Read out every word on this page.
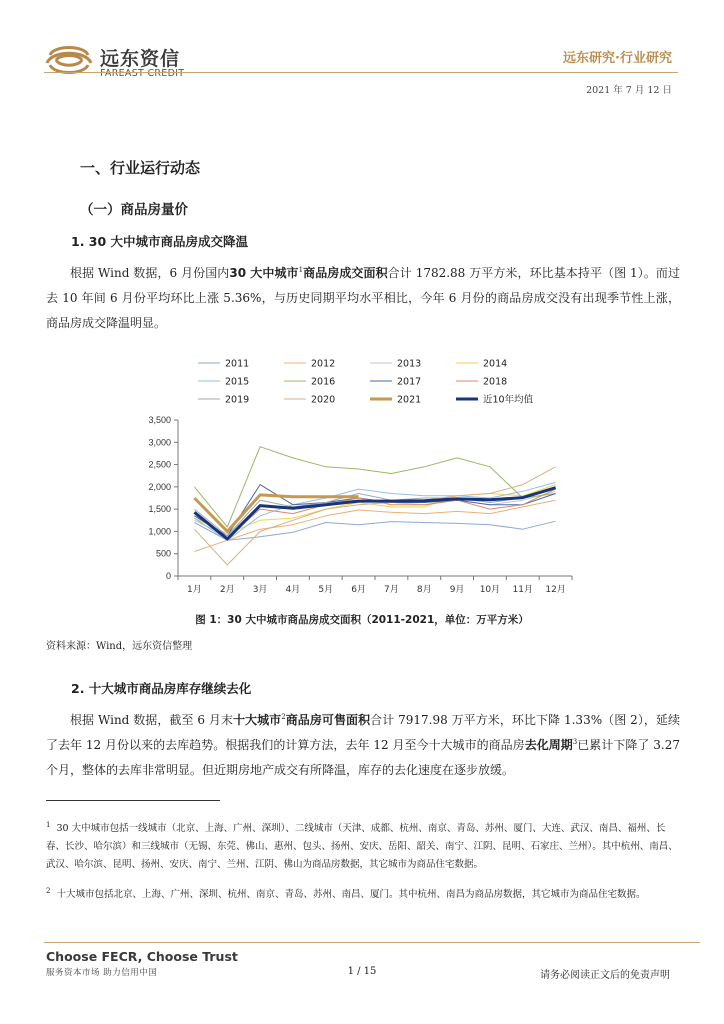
远东资信
FAREAST CREDIT
远东研究·行业研究
2021 年 7 月 12 日
一、行业运行动态
（一）商品房量价
1. 30 大中城市商品房成交降温
根据 Wind 数据，6 月份国内30 大中城市$^1$商品房成交面积合计 1782.88 万平方米，环比基本持平（图 1）。而过去 10 年间 6 月份平均环比上涨 5.36%，与历史同期平均水平相比，今年 6 月份的商品房成交没有出现季节性上涨，商品房成交降温明显。
0
500
1,000
1,500
2,000
2,500
3,000
3,500
1月 2月 3月 4月 5月 6月 7月 8月 9月 10月 11月 12月
2011	2012	2013	2014
2015	2016	2017	2018
2019	2020	2021	近10年均值
图 1：30 大中城市商品房成交面积（2011-2021，单位：万平方米）
资料来源：Wind，远东资信整理
2. 十大城市商品房库存继续去化
根据 Wind 数据，截至 6 月末十大城市$^2$商品房可售面积合计 7917.98 万平方米，环比下降 1.33%（图 2），延续了去年 12 月份以来的去库趋势。根据我们的计算方法，去年 12 月至今十大城市的商品房去化周期$^3$已累计下降了 3.27 个月，整体的去库非常明显。但近期房地产成交有所降温，库存的去化速度在逐步放缓。
$^1$ 30 大中城市包括一线城市（北京、上海、广州、深圳）、二线城市（天津、成都、杭州、南京、青岛、苏州、厦门、大连、武汉、南昌、福州、长春、长沙、哈尔滨）和三线城市（无锡、东莞、佛山、惠州、包头、扬州、安庆、岳阳、韶关、南宁、江阴、昆明、石家庄、兰州）。其中杭州、南昌、武汉、哈尔滨、昆明、扬州、安庆、南宁、兰州、江阴、佛山为商品房数据，其它城市为商品住宅数据。
$^2$ 十大城市包括北京、上海、广州、深圳、杭州、南京、青岛、苏州、南昌、厦门。其中杭州、南昌为商品房数据，其它城市为商品住宅数据。
Choose FECR, Choose Trust
服务资本市场 助力信用中国	1 / 15	请务必阅读正文后的免责声明
